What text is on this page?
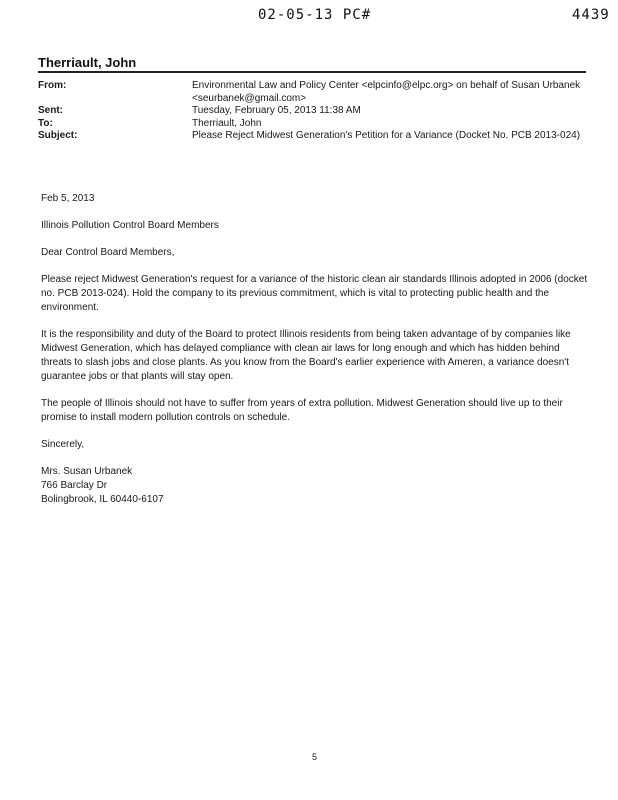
02-05-13 PC#	4439
Therriault, John
From:	Environmental Law and Policy Center <elpcinfo@elpc.org> on behalf of Susan Urbanek
<seurbanek@gmail.com>
Sent:	Tuesday, February 05, 2013 11:38 AM
To:	Therriault, John
Subject:	Please Reject Midwest Generation's Petition for a Variance (Docket No. PCB 2013-024)

Feb 5, 2013

Illinois Pollution Control Board Members

Dear Control Board Members,

Please reject Midwest Generation's request for a variance of the historic clean air standards Illinois adopted in 2006 (docket no. PCB 2013-024). Hold the company to its previous commitment, which is vital to protecting public health and the environment.

It is the responsibility and duty of the Board to protect Illinois residents from being taken advantage of by companies like Midwest Generation, which has delayed compliance with clean air laws for long enough and which has hidden behind threats to slash jobs and close plants. As you know from the Board's earlier experience with Ameren, a variance doesn't guarantee jobs or that plants will stay open.

The people of Illinois should not have to suffer from years of extra pollution. Midwest Generation should live up to their promise to install modern pollution controls on schedule.

Sincerely,

Mrs. Susan Urbanek

766 Barclay Dr

Bolingbrook, IL 60440-6107

5
